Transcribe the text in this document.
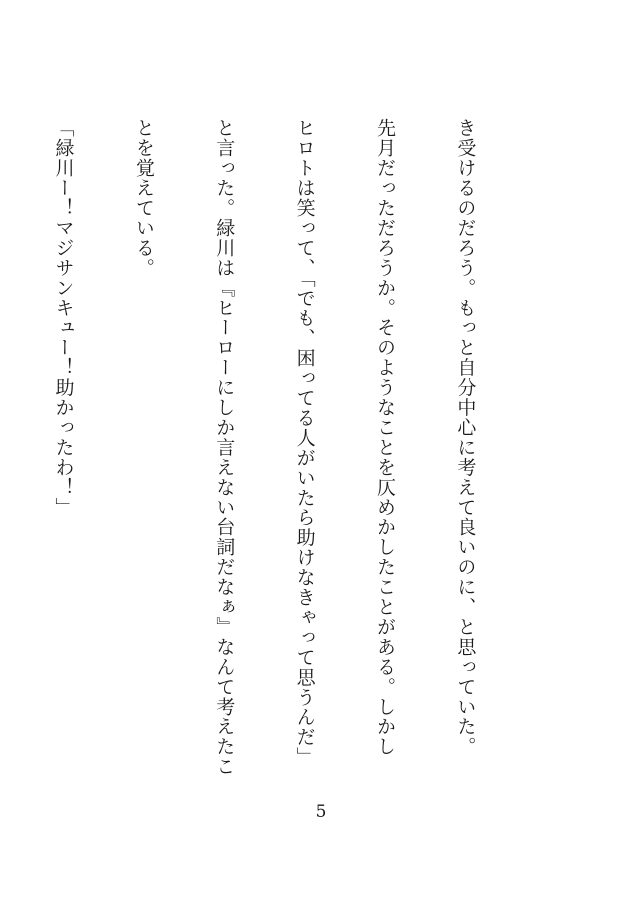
き受けるのだろう。もっと自分中心に考えて良いのに、と思っていた。

先月だっただろうか。そのようなことを仄めかしたことがある。しかし

ヒロトは笑って、「でも、困ってる人がいたら助けなきゃって思うんだ」

と言った。緑川は『ヒーローにしか言えない台詞だなぁ』なんて考えたこ

とを覚えている。

「緑川ー！マジサンキュー！助かったわ！」

5
